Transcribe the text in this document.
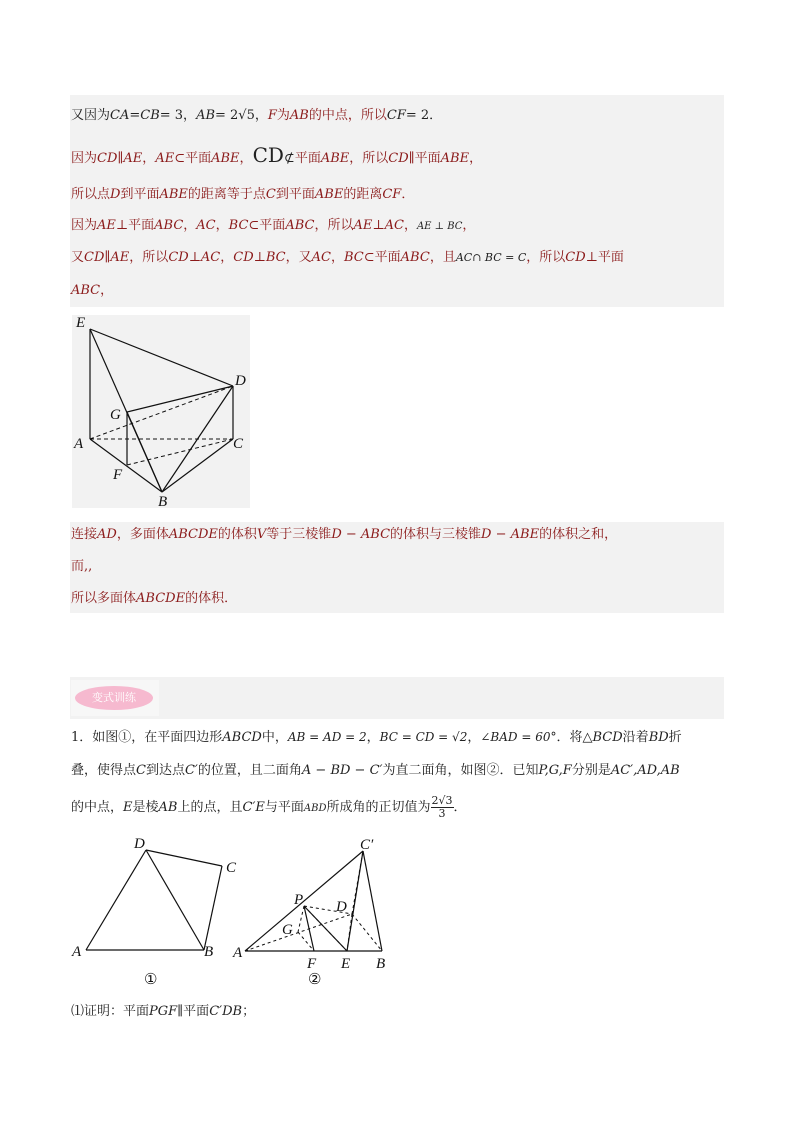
又因为CA=CB= 3，AB= 2√5，F为AB的中点，所以CF= 2．
因为CD∥AE，AE⊂平面ABE，CD⊄平面ABE，所以CD∥平面ABE，
所以点D到平面ABE的距离等于点C到平面ABE的距离CF．
因为AE⊥平面ABC，AC，BC⊂平面ABC，所以AE⊥AC，AE ⊥ BC，
又CD∥AE，所以CD⊥AC，CD⊥BC，又AC，BC⊂平面ABC，且AC∩ BC = C，所以CD⊥平面
ABC，
E
D
G
A	C
F
B
连接AD，多面体ABCDE的体积V等于三棱锥D − ABC的体积与三棱锥D − ABE的体积之和，
而,,
所以多面体ABCDE的体积．
变式训练
1．如图①，在平面四边形ABCD中，AB = AD = 2，BC = CD = √2，∠BAD = 60°．将△BCD沿着BD折
叠，使得点C到达点C′的位置，且二面角A − BD − C′为直二面角，如图②．已知P,G,F分别是AC′,AD,AB
的中点，E是棱AB上的点，且C′E与平面ABD所成角的正切值为 $\frac{2√3}{3}$ ．
D
C
A	B
①
C′
P D
G
A
F E B
②
⑴证明：平面PGF∥平面C′DB；
